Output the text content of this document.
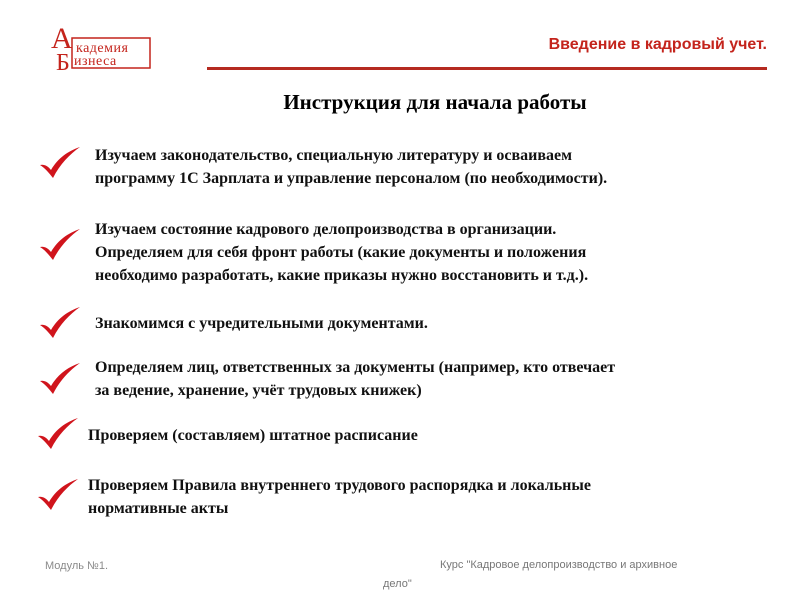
А
Б
кадемия
изнеса
Введение в кадровый учет.
Инструкция для начала работы
Изучаем законодательство, специальную литературу и осваиваем
программу 1С Зарплата и управление персоналом (по необходимости).
Изучаем состояние кадрового делопроизводства в организации.
Определяем для себя фронт работы (какие документы и положения
необходимо разработать, какие приказы нужно восстановить и т.д.).
Знакомимся с учредительными документами.
Определяем лиц, ответственных за документы (например, кто отвечает
за ведение, хранение, учёт трудовых книжек)
Проверяем (составляем) штатное расписание
Проверяем Правила внутреннего трудового распорядка и локальные
нормативные акты
Модуль №1.	Курс "Кадровое делопроизводство и архивное
дело"
